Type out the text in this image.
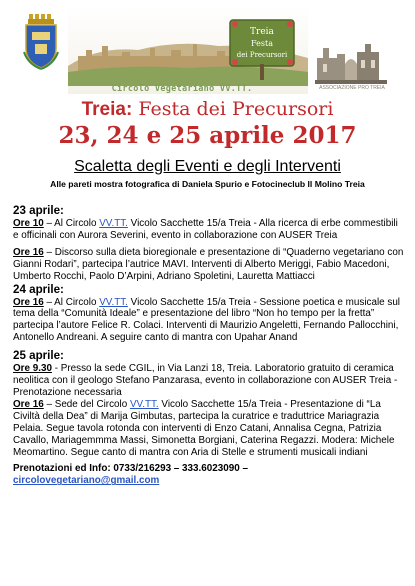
Treia
Festa
dei Precursori
Circolo Vegetariano VV.TT.	ASSOCIAZIONE PRO TREIA
Treia: Festa dei Precursori
23, 24 e 25 aprile 2017
Scaletta degli Eventi e degli Interventi
Alle pareti mostra fotografica di Daniela Spurio e Fotocineclub Il Molino Treia

23 aprile:

Ore 10 – Al Circolo VV.TT. Vicolo Sacchette 15/a Treia - Alla ricerca di erbe commestibili e officinali con Aurora Severini, evento in collaborazione con AUSER Treia

Ore 16 – Discorso sulla dieta bioregionale e presentazione di “Quaderno vegetariano con Gianni Rodari”, partecipa l’autrice MAVI. Interventi di Alberto Meriggi, Fabio Macedoni, Umberto Rocchi, Paolo D’Arpini, Adriano Spoletini, Lauretta Mattiacci

24 aprile:

Ore 16 – Al Circolo VV.TT. Vicolo Sacchette 15/a Treia - Sessione poetica e musicale sul tema della “Comunità Ideale” e presentazione del libro “Non ho tempo per la fretta” partecipa l’autore Felice R. Colaci. Interventi di Maurizio Angeletti, Fernando Pallocchini, Antonello Andreani. A seguire canto di mantra con Upahar Anand

25 aprile:

Ore 9.30 - Presso la sede CGIL, in Via Lanzi 18, Treia. Laboratorio gratuito di ceramica neolitica con il geologo Stefano Panzarasa, evento in collaborazione con AUSER Treia - Prenotazione necessaria

Ore 16 – Sede del Circolo VV.TT. Vicolo Sacchette 15/a Treia - Presentazione di “La Civiltà della Dea” di Marija Gimbutas, partecipa la curatrice e traduttrice Mariagrazia Pelaia. Segue tavola rotonda con interventi di Enzo Catani, Annalisa Cegna, Patrizia Cavallo, Mariagemmma Massi, Simonetta Borgiani, Caterina Regazzi. Modera: Michele Meomartino. Segue canto di mantra con Aria di Stelle e strumenti musicali indiani

Prenotazioni ed Info: 0733/216293 – 333.6023090 –

circolovegetariano@gmail.com
